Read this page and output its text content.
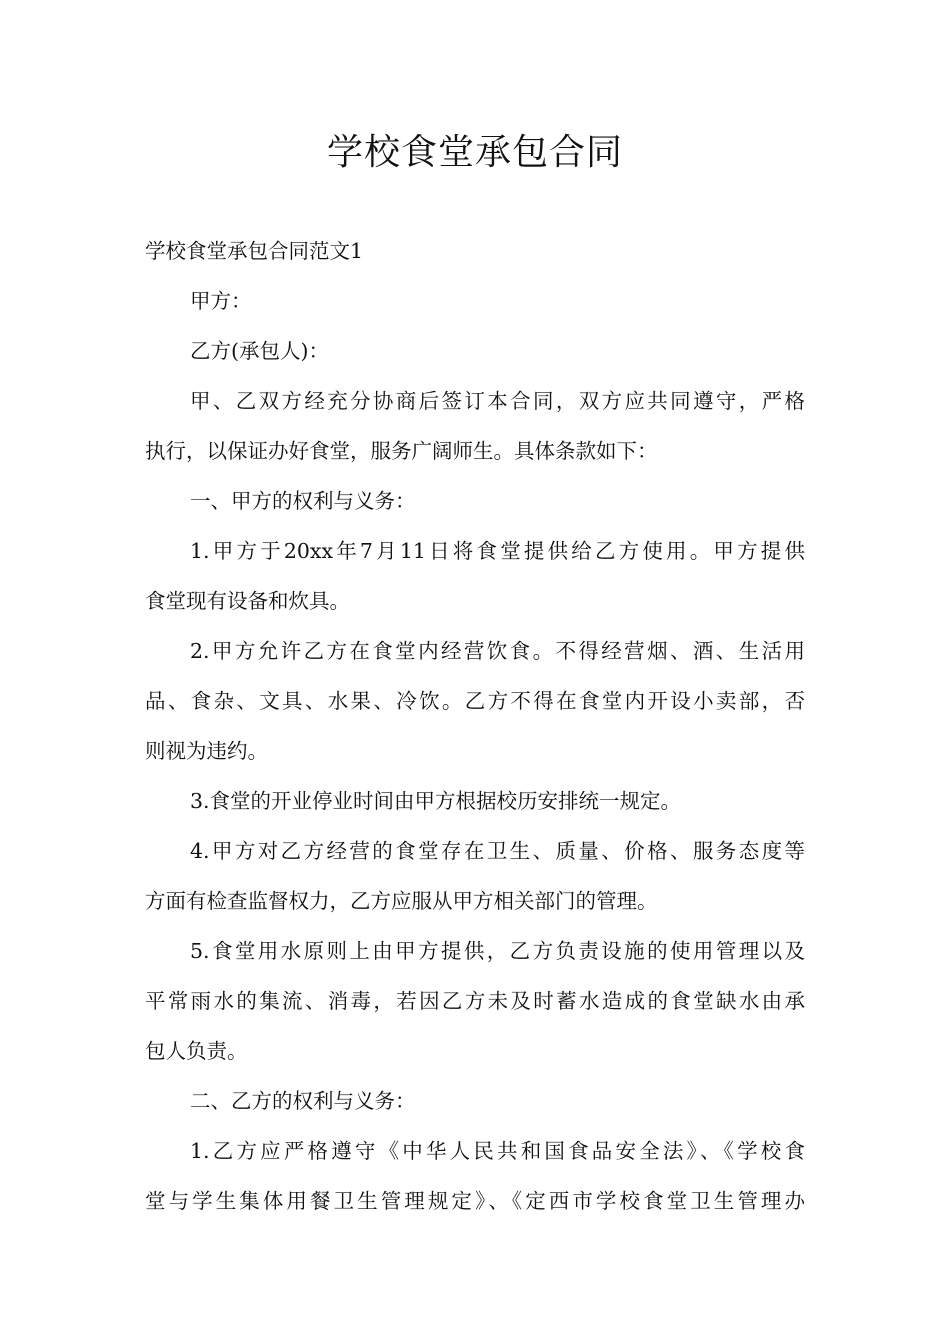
学校食堂承包合同
学校食堂承包合同范文1
甲方：
乙方(承包人)：
甲、乙双方经充分协商后签订本合同，双方应共同遵守，严格
执行，以保证办好食堂，服务广阔师生。具体条款如下：
一、甲方的权利与义务：
1.甲方于20xx年7月11日将食堂提供给乙方使用。甲方提供
食堂现有设备和炊具。
2.甲方允许乙方在食堂内经营饮食。不得经营烟、酒、生活用
品、食杂、文具、水果、冷饮。乙方不得在食堂内开设小卖部，否
则视为违约。
3.食堂的开业停业时间由甲方根据校历安排统一规定。
4.甲方对乙方经营的食堂存在卫生、质量、价格、服务态度等
方面有检查监督权力，乙方应服从甲方相关部门的管理。
5.食堂用水原则上由甲方提供，乙方负责设施的使用管理以及
平常雨水的集流、消毒，若因乙方未及时蓄水造成的食堂缺水由承
包人负责。
二、乙方的权利与义务：
1.乙方应严格遵守《中华人民共和国食品安全法》、《学校食
堂与学生集体用餐卫生管理规定》、《定西市学校食堂卫生管理办
